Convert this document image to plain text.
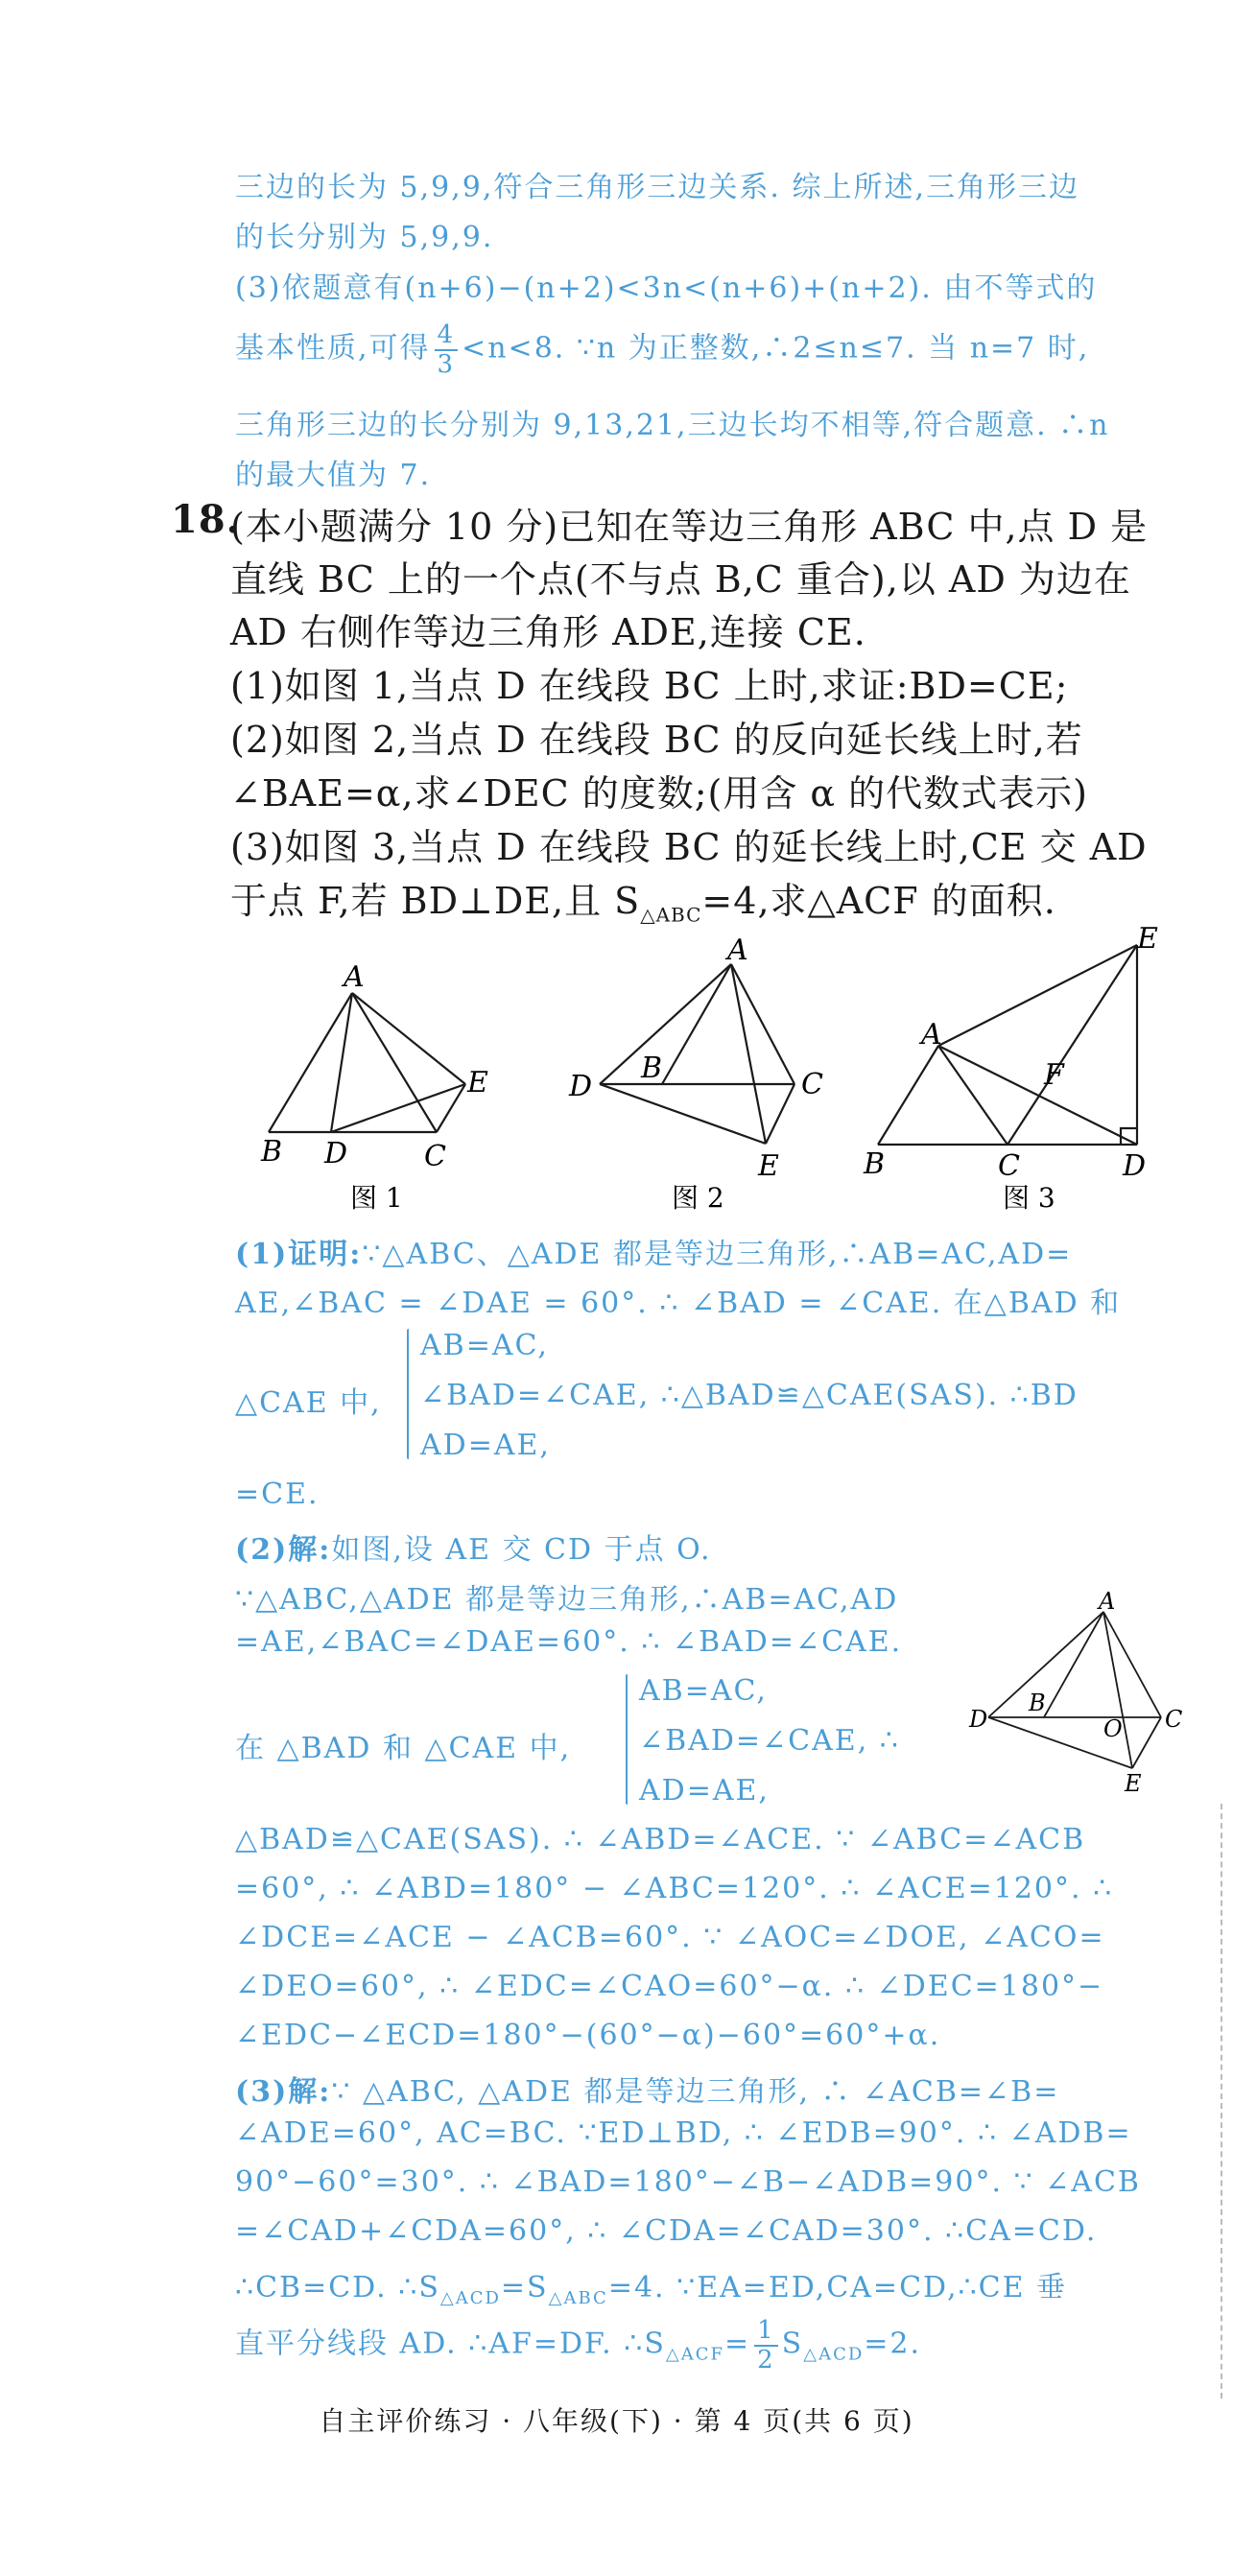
三边的长为 5,9,9,符合三角形三边关系. 综上所述,三角形三边
的长分别为 5,9,9.
(3)依题意有(n+6)−(n+2)<3n<(n+6)+(n+2). 由不等式的
基本性质,可得 $\frac{4}{3} <n<8$. ∵n 为正整数,∴2≤n≤7. 当 n=7 时,
三角形三边的长分别为 9,13,21,三边长均不相等,符合题意. ∴n
的最大值为 7.
18.
(本小题满分 10 分)已知在等边三角形 ABC 中,点 D 是
直线 BC 上的一个点(不与点 B,C 重合),以 AD 为边在
AD 右侧作等边三角形 ADE,连接 CE.
(1)如图 1,当点 D 在线段 BC 上时,求证:BD=CE;
(2)如图 2,当点 D 在线段 BC 的反向延长线上时,若
∠BAE=α,求∠DEC 的度数;(用含 α 的代数式表示)
(3)如图 3,当点 D 在线段 BC 的延长线上时,CE 交 AD
于点 F,若 BD⊥DE,且 $S_{\triangle ABC}=4$,求△ACF 的面积.
A
B D	C
E
图 1
A
B
D	C
E
图 2
E
A
F
B	C	D
图 3
(1)证明:∵△ABC、△ADE 都是等边三角形,∴AB=AC,AD=
AE,∠BAC = ∠DAE = 60°. ∴ ∠BAD = ∠CAE. 在△BAD 和
△CAE 中,
AB=AC,
∠BAD=∠CAE, ∴△BAD≌△CAE(SAS). ∴BD
AD=AE,
=CE.
(2)解:如图,设 AE 交 CD 于点 O.
∵△ABC,△ADE 都是等边三角形,∴AB=AC,AD
=AE,∠BAC=∠DAE=60°. ∴ ∠BAD=∠CAE.
在 △BAD 和 △CAE 中,
AB=AC,
∠BAD=∠CAE, ∴
AD=AE,
A
B
D	O C
E
△BAD≌△CAE(SAS). ∴ ∠ABD=∠ACE. ∵ ∠ABC=∠ACB
=60°, ∴ ∠ABD=180° − ∠ABC=120°. ∴ ∠ACE=120°. ∴
∠DCE=∠ACE − ∠ACB=60°. ∵ ∠AOC=∠DOE, ∠ACO=
∠DEO=60°, ∴ ∠EDC=∠CAO=60°−α. ∴ ∠DEC=180°−
∠EDC−∠ECD=180°−(60°−α)−60°=60°+α.
(3)解:∵ △ABC, △ADE 都是等边三角形, ∴ ∠ACB=∠B=
∠ADE=60°, AC=BC. ∵ED⊥BD, ∴ ∠EDB=90°. ∴ ∠ADB=
90°−60°=30°. ∴ ∠BAD=180°−∠B−∠ADB=90°. ∵ ∠ACB
=∠CAD+∠CDA=60°, ∴ ∠CDA=∠CAD=30°. ∴CA=CD.
∴CB=CD. $\therefore S_{\triangle ACD}=S_{\triangle ABC}=4$. ∵EA=ED,CA=CD,∴CE 垂
直平分线段 AD. ∴AF=DF. $\therefore S_{\triangle ACF}= \frac{1}{2} S_{\triangle ACD}=2$.
自主评价练习 · 八年级(下) · 第 4 页(共 6 页)
